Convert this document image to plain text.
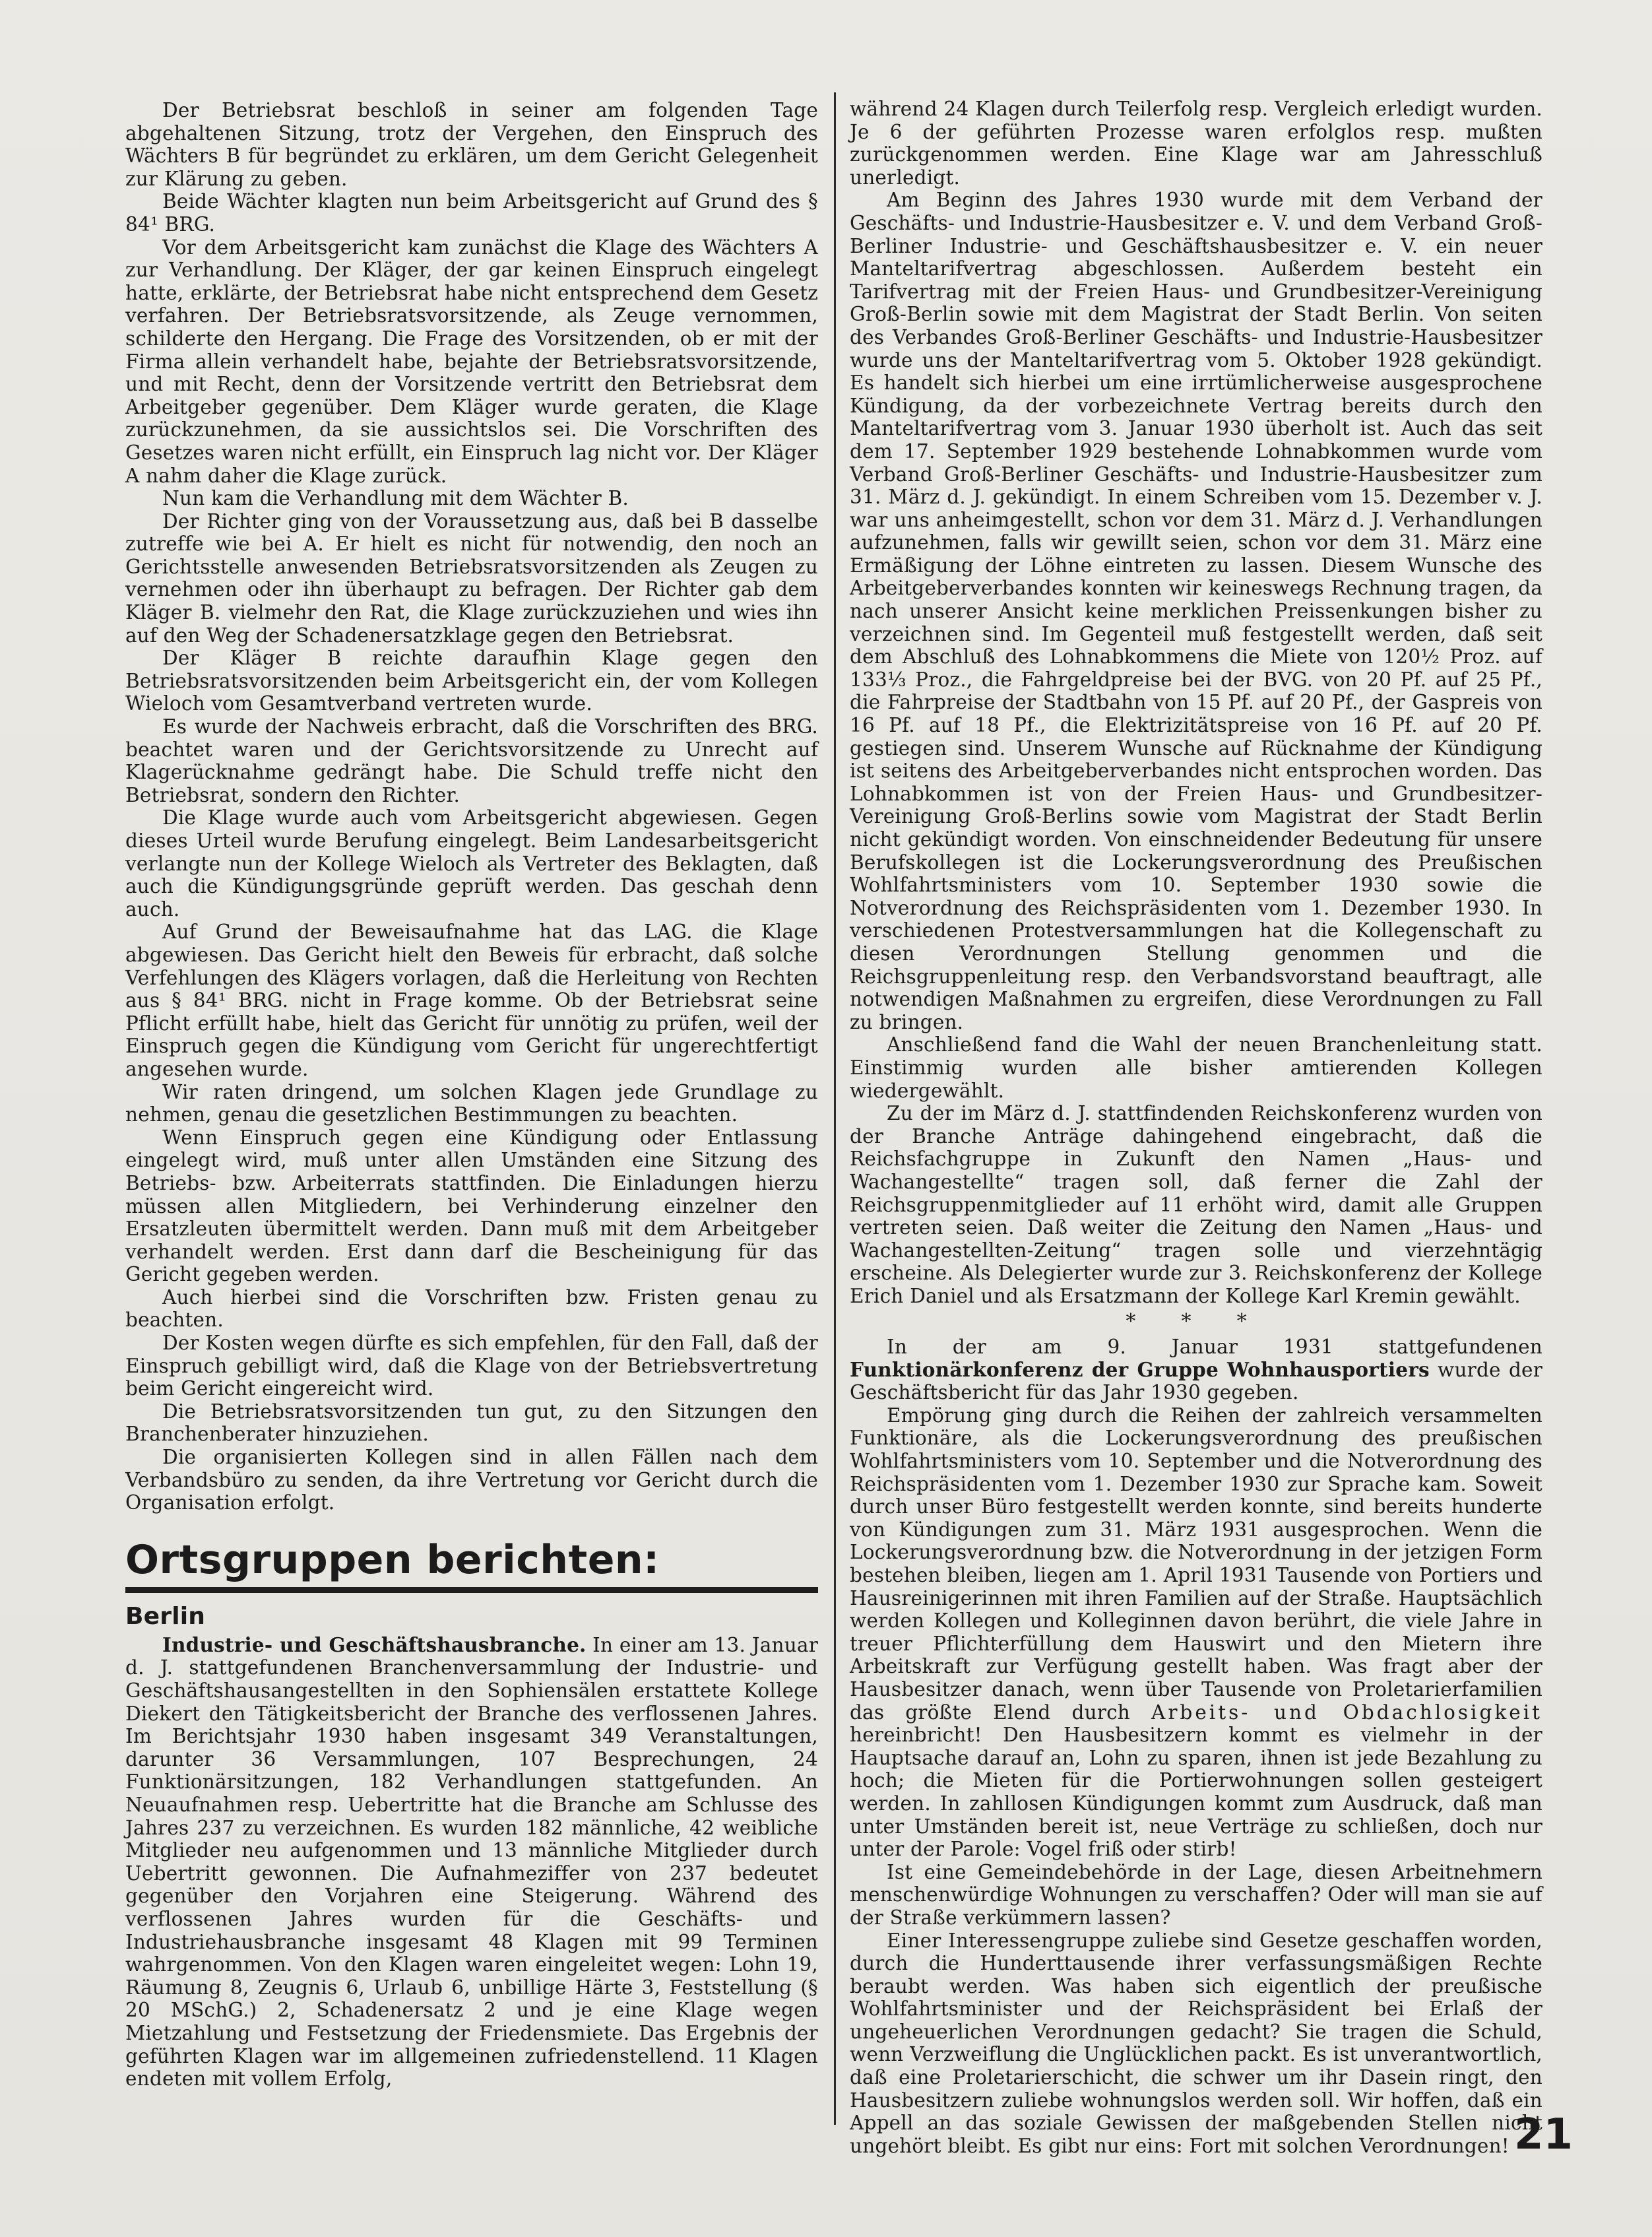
Der Betriebsrat beschloß in seiner am folgenden Tage abgehaltenen Sitzung, trotz der Vergehen, den Einspruch des Wächters B für begründet zu erklären, um dem Gericht Gelegenheit zur Klärung zu geben.

Beide Wächter klagten nun beim Arbeitsgericht auf Grund des § 84¹ BRG.

Vor dem Arbeitsgericht kam zunächst die Klage des Wächters A zur Verhandlung. Der Kläger, der gar keinen Einspruch eingelegt hatte, erklärte, der Betriebsrat habe nicht entsprechend dem Gesetz verfahren. Der Betriebsratsvorsitzende, als Zeuge vernommen, schilderte den Hergang. Die Frage des Vorsitzenden, ob er mit der Firma allein verhandelt habe, bejahte der Betriebsratsvorsitzende, und mit Recht, denn der Vorsitzende vertritt den Betriebsrat dem Arbeitgeber gegenüber. Dem Kläger wurde geraten, die Klage zurückzunehmen, da sie aussichtslos sei. Die Vorschriften des Gesetzes waren nicht erfüllt, ein Einspruch lag nicht vor. Der Kläger A nahm daher die Klage zurück.

Nun kam die Verhandlung mit dem Wächter B.

Der Richter ging von der Voraussetzung aus, daß bei B dasselbe zutreffe wie bei A. Er hielt es nicht für notwendig, den noch an Gerichtsstelle anwesenden Betriebsratsvorsitzenden als Zeugen zu vernehmen oder ihn überhaupt zu befragen. Der Richter gab dem Kläger B. vielmehr den Rat, die Klage zurückzuziehen und wies ihn auf den Weg der Schadenersatzklage gegen den Betriebsrat.

Der Kläger B reichte daraufhin Klage gegen den Betriebsratsvorsitzenden beim Arbeitsgericht ein, der vom Kollegen Wieloch vom Gesamtverband vertreten wurde.

Es wurde der Nachweis erbracht, daß die Vorschriften des BRG. beachtet waren und der Gerichtsvorsitzende zu Unrecht auf Klagerücknahme gedrängt habe. Die Schuld treffe nicht den Betriebsrat, sondern den Richter.

Die Klage wurde auch vom Arbeitsgericht abgewiesen. Gegen dieses Urteil wurde Berufung eingelegt. Beim Landesarbeitsgericht verlangte nun der Kollege Wieloch als Vertreter des Beklagten, daß auch die Kündigungsgründe geprüft werden. Das geschah denn auch.

Auf Grund der Beweisaufnahme hat das LAG. die Klage abgewiesen. Das Gericht hielt den Beweis für erbracht, daß solche Verfehlungen des Klägers vorlagen, daß die Herleitung von Rechten aus § 84¹ BRG. nicht in Frage komme. Ob der Betriebsrat seine Pflicht erfüllt habe, hielt das Gericht für unnötig zu prüfen, weil der Einspruch gegen die Kündigung vom Gericht für ungerechtfertigt angesehen wurde.

Wir raten dringend, um solchen Klagen jede Grundlage zu nehmen, genau die gesetzlichen Bestimmungen zu beachten.

Wenn Einspruch gegen eine Kündigung oder Entlassung eingelegt wird, muß unter allen Umständen eine Sitzung des Betriebs- bzw. Arbeiterrats stattfinden. Die Einladungen hierzu müssen allen Mitgliedern, bei Verhinderung einzelner den Ersatzleuten übermittelt werden. Dann muß mit dem Arbeitgeber verhandelt werden. Erst dann darf die Bescheinigung für das Gericht gegeben werden.

Auch hierbei sind die Vorschriften bzw. Fristen genau zu beachten.

Der Kosten wegen dürfte es sich empfehlen, für den Fall, daß der Einspruch gebilligt wird, daß die Klage von der Betriebsvertretung beim Gericht eingereicht wird.

Die Betriebsratsvorsitzenden tun gut, zu den Sitzungen den Branchenberater hinzuziehen.

Die organisierten Kollegen sind in allen Fällen nach dem Verbandsbüro zu senden, da ihre Vertretung vor Gericht durch die Organisation erfolgt.

Ortsgruppen berichten:
Berlin

Industrie- und Geschäftshausbranche. In einer am 13. Januar d. J. stattgefundenen Branchenversammlung der Industrie- und Geschäftshausangestellten in den Sophiensälen erstattete Kollege Diekert den Tätigkeitsbericht der Branche des verflossenen Jahres. Im Berichtsjahr 1930 haben insgesamt 349 Veranstaltungen, darunter 36 Versammlungen, 107 Besprechungen, 24 Funktionärsitzungen, 182 Verhandlungen stattgefunden. An Neuaufnahmen resp. Uebertritte hat die Branche am Schlusse des Jahres 237 zu verzeichnen. Es wurden 182 männliche, 42 weibliche Mitglieder neu aufgenommen und 13 männliche Mitglieder durch Uebertritt gewonnen. Die Aufnahmeziffer von 237 bedeutet gegenüber den Vorjahren eine Steigerung. Während des verflossenen Jahres wurden für die Geschäfts- und Industriehausbranche insgesamt 48 Klagen mit 99 Terminen wahrgenommen. Von den Klagen waren eingeleitet wegen: Lohn 19, Räumung 8, Zeugnis 6, Urlaub 6, unbillige Härte 3, Feststellung (§ 20 MSchG.) 2, Schadenersatz 2 und je eine Klage wegen Mietzahlung und Festsetzung der Friedensmiete. Das Ergebnis der geführten Klagen war im allgemeinen zufriedenstellend. 11 Klagen endeten mit vollem Erfolg,

während 24 Klagen durch Teilerfolg resp. Vergleich erledigt wurden. Je 6 der geführten Prozesse waren erfolglos resp. mußten zurückgenommen werden. Eine Klage war am Jahresschluß unerledigt.

Am Beginn des Jahres 1930 wurde mit dem Verband der Geschäfts- und Industrie-Hausbesitzer e. V. und dem Verband Groß-Berliner Industrie- und Geschäftshausbesitzer e. V. ein neuer Manteltarifvertrag abgeschlossen. Außerdem besteht ein Tarifvertrag mit der Freien Haus- und Grundbesitzer-Vereinigung Groß-Berlin sowie mit dem Magistrat der Stadt Berlin. Von seiten des Verbandes Groß-Berliner Geschäfts- und Industrie-Hausbesitzer wurde uns der Manteltarifvertrag vom 5. Oktober 1928 gekündigt. Es handelt sich hierbei um eine irrtümlicherweise ausgesprochene Kündigung, da der vorbezeichnete Vertrag bereits durch den Manteltarifvertrag vom 3. Januar 1930 überholt ist. Auch das seit dem 17. September 1929 bestehende Lohnabkommen wurde vom Verband Groß-Berliner Geschäfts- und Industrie-Hausbesitzer zum 31. März d. J. gekündigt. In einem Schreiben vom 15. Dezember v. J. war uns anheimgestellt, schon vor dem 31. März d. J. Verhandlungen aufzunehmen, falls wir gewillt seien, schon vor dem 31. März eine Ermäßigung der Löhne eintreten zu lassen. Diesem Wunsche des Arbeitgeberverbandes konnten wir keineswegs Rechnung tragen, da nach unserer Ansicht keine merklichen Preissenkungen bisher zu verzeichnen sind. Im Gegenteil muß festgestellt werden, daß seit dem Abschluß des Lohnabkommens die Miete von 120½ Proz. auf 133⅓ Proz., die Fahrgeldpreise bei der BVG. von 20 Pf. auf 25 Pf., die Fahrpreise der Stadtbahn von 15 Pf. auf 20 Pf., der Gaspreis von 16 Pf. auf 18 Pf., die Elektrizitätspreise von 16 Pf. auf 20 Pf. gestiegen sind. Unserem Wunsche auf Rücknahme der Kündigung ist seitens des Arbeitgeberverbandes nicht entsprochen worden. Das Lohnabkommen ist von der Freien Haus- und Grundbesitzer-Vereinigung Groß-Berlins sowie vom Magistrat der Stadt Berlin nicht gekündigt worden. Von einschneidender Bedeutung für unsere Berufskollegen ist die Lockerungsverordnung des Preußischen Wohlfahrtsministers vom 10. September 1930 sowie die Notverordnung des Reichspräsidenten vom 1. Dezember 1930. In verschiedenen Protestversammlungen hat die Kollegenschaft zu diesen Verordnungen Stellung genommen und die Reichsgruppenleitung resp. den Verbandsvorstand beauftragt, alle notwendigen Maßnahmen zu ergreifen, diese Verordnungen zu Fall zu bringen.

Anschließend fand die Wahl der neuen Branchenleitung statt. Einstimmig wurden alle bisher amtierenden Kollegen wiedergewählt.

Zu der im März d. J. stattfindenden Reichskonferenz wurden von der Branche Anträge dahingehend eingebracht, daß die Reichsfachgruppe in Zukunft den Namen „Haus- und Wachangestellte“ tragen soll, daß ferner die Zahl der Reichsgruppenmitglieder auf 11 erhöht wird, damit alle Gruppen vertreten seien. Daß weiter die Zeitung den Namen „Haus- und Wachangestellten-Zeitung“ tragen solle und vierzehntägig erscheine. Als Delegierter wurde zur 3. Reichskonferenz der Kollege Erich Daniel und als Ersatzmann der Kollege Karl Kremin gewählt.

* * *

In der am 9. Januar 1931 stattgefundenen Funktionärkonferenz der Gruppe Wohnhausportiers wurde der Geschäftsbericht für das Jahr 1930 gegeben.

Empörung ging durch die Reihen der zahlreich versammelten Funktionäre, als die Lockerungsverordnung des preußischen Wohlfahrtsministers vom 10. September und die Notverordnung des Reichspräsidenten vom 1. Dezember 1930 zur Sprache kam. Soweit durch unser Büro festgestellt werden konnte, sind bereits hunderte von Kündigungen zum 31. März 1931 ausgesprochen. Wenn die Lockerungsverordnung bzw. die Notverordnung in der jetzigen Form bestehen bleiben, liegen am 1. April 1931 Tausende von Portiers und Hausreinigerinnen mit ihren Familien auf der Straße. Hauptsächlich werden Kollegen und Kolleginnen davon berührt, die viele Jahre in treuer Pflichterfüllung dem Hauswirt und den Mietern ihre Arbeitskraft zur Verfügung gestellt haben. Was fragt aber der Hausbesitzer danach, wenn über Tausende von Proletarierfamilien das größte Elend durch Arbeits- und Obdachlosigkeit hereinbricht! Den Hausbesitzern kommt es vielmehr in der Hauptsache darauf an, Lohn zu sparen, ihnen ist jede Bezahlung zu hoch; die Mieten für die Portierwohnungen sollen gesteigert werden. In zahllosen Kündigungen kommt zum Ausdruck, daß man unter Umständen bereit ist, neue Verträge zu schließen, doch nur unter der Parole: Vogel friß oder stirb!

Ist eine Gemeindebehörde in der Lage, diesen Arbeitnehmern menschenwürdige Wohnungen zu verschaffen? Oder will man sie auf der Straße verkümmern lassen?

Einer Interessengruppe zuliebe sind Gesetze geschaffen worden, durch die Hunderttausende ihrer verfassungsmäßigen Rechte beraubt werden. Was haben sich eigentlich der preußische Wohlfahrtsminister und der Reichspräsident bei Erlaß der ungeheuerlichen Verordnungen gedacht? Sie tragen die Schuld, wenn Verzweiflung die Unglücklichen packt. Es ist unverantwortlich, daß eine Proletarierschicht, die schwer um ihr Dasein ringt, den Hausbesitzern zuliebe wohnungslos werden soll. Wir hoffen, daß ein Appell an das soziale Gewissen der maßgebenden Stellen nicht ungehört bleibt. Es gibt nur eins: Fort mit solchen Verordnungen! 21
